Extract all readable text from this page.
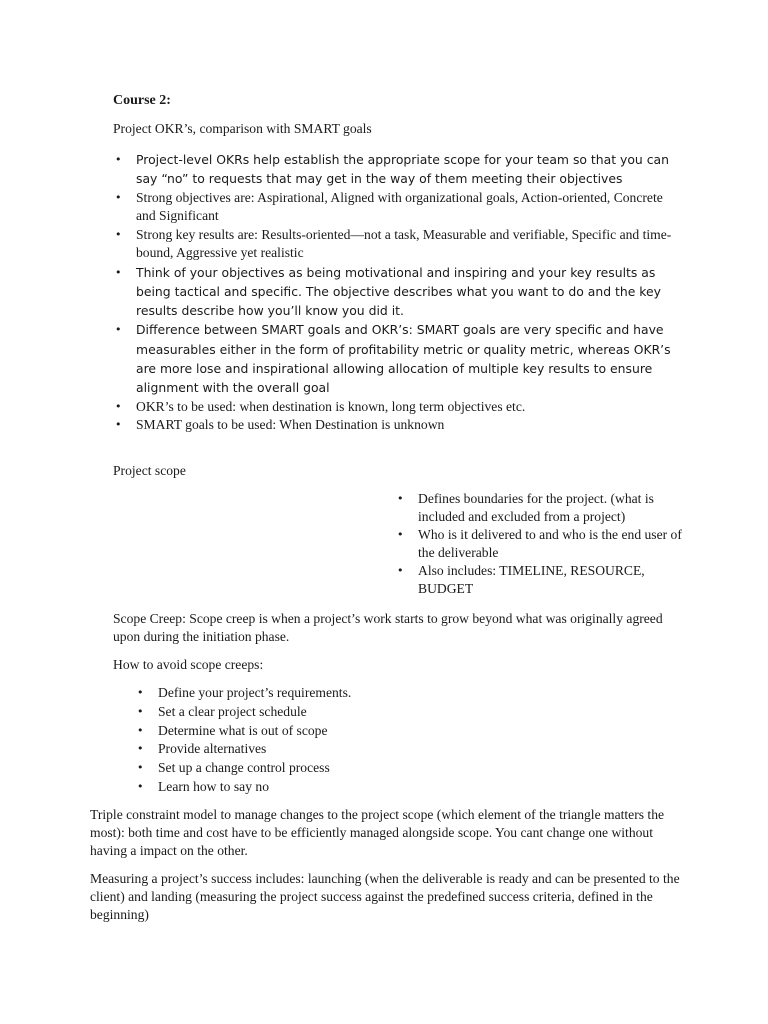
Course 2:
Project OKR’s, comparison with SMART goals
• Project-level OKRs help establish the appropriate scope for your team so that you can say “no” to requests that may get in the way of them meeting their objectives
• Strong objectives are: Aspirational, Aligned with organizational goals, Action-oriented, Concrete and Significant
• Strong key results are: Results-oriented—not a task, Measurable and verifiable, Specific and time-bound, Aggressive yet realistic
• Think of your objectives as being motivational and inspiring and your key results as being tactical and specific. The objective describes what you want to do and the key results describe how you’ll know you did it.
• Difference between SMART goals and OKR’s: SMART goals are very specific and have measurables either in the form of profitability metric or quality metric, whereas OKR’s are more lose and inspirational allowing allocation of multiple key results to ensure alignment with the overall goal
• OKR’s to be used: when destination is known, long term objectives etc.
• SMART goals to be used: When Destination is unknown
Project scope
• Defines boundaries for the project. (what is included and excluded from a project)
• Who is it delivered to and who is the end user of the deliverable
• Also includes: TIMELINE, RESOURCE, BUDGET

Scope Creep: Scope creep is when a project’s work starts to grow beyond what was originally agreed upon during the initiation phase.

How to avoid scope creeps:
• Define your project’s requirements.
• Set a clear project schedule
• Determine what is out of scope
• Provide alternatives
• Set up a change control process
• Learn how to say no

Triple constraint model to manage changes to the project scope (which element of the triangle matters the most): both time and cost have to be efficiently managed alongside scope. You cant change one without having a impact on the other.

Measuring a project’s success includes: launching (when the deliverable is ready and can be presented to the client) and landing (measuring the project success against the predefined success criteria, defined in the beginning)
